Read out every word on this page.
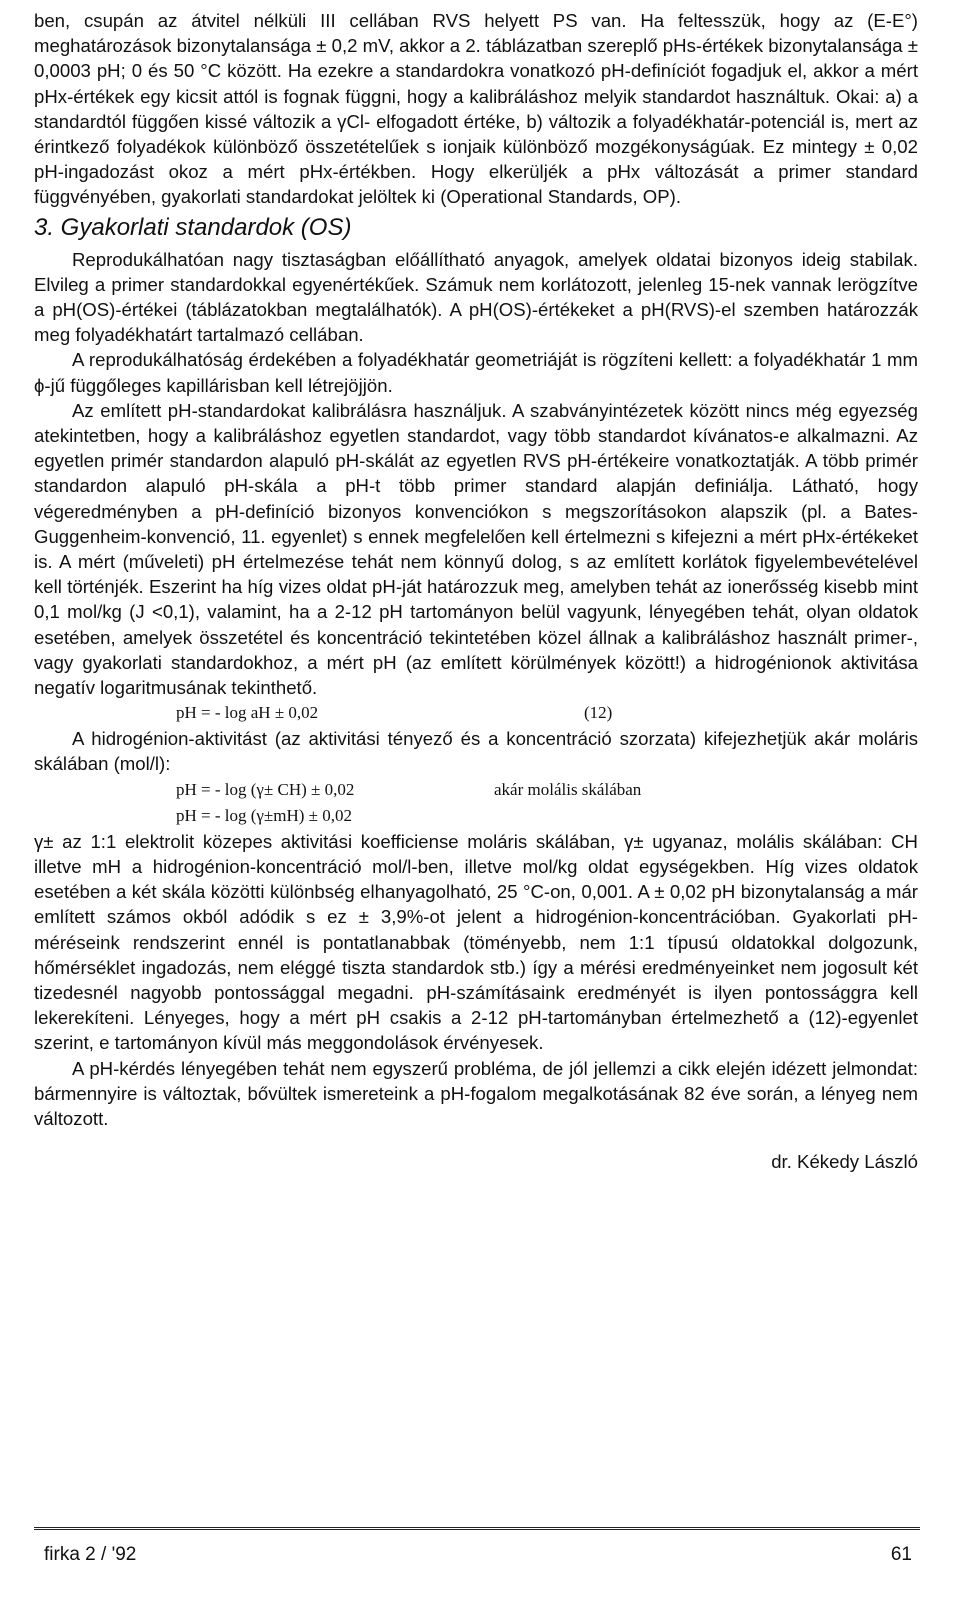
ben, csupán az átvitel nélküli III cellában RVS helyett PS van. Ha feltesszük, hogy az (E-E°) meghatározások bizonytalansága ± 0,2 mV, akkor a 2. táblázatban szereplő pHs-értékek bizonytalansága ± 0,0003 pH; 0 és 50 °C között. Ha ezekre a standardokra vonatkozó pH-definíciót fogadjuk el, akkor a mért pHx-értékek egy kicsit attól is fognak függni, hogy a kalibráláshoz melyik standardot használtuk. Okai: a) a standardtól függően kissé változik a γCl- elfogadott értéke, b) változik a folyadékhatár-potenciál is, mert az érintkező folyadékok különböző összetételűek s ionjaik különböző mozgékonyságúak. Ez mintegy ± 0,02 pH-ingadozást okoz a mért pHx-értékben. Hogy elkerüljék a pHx változását a primer standard függvényében, gyakorlati standardokat jelöltek ki (Operational Standards, OP).

3. Gyakorlati standardok (OS)

Reprodukálhatóan nagy tisztaságban előállítható anyagok, amelyek oldatai bizonyos ideig stabilak. Elvileg a primer standardokkal egyenértékűek. Számuk nem korlátozott, jelenleg 15-nek vannak lerögzítve a pH(OS)-értékei (táblázatokban megtalálhatók). A pH(OS)-értékeket a pH(RVS)-el szemben határozzák meg folyadékhatárt tartalmazó cellában.

A reprodukálhatóság érdekében a folyadékhatár geometriáját is rögzíteni kellett: a folyadékhatár 1 mm ϕ-jű függőleges kapillárisban kell létrejöjjön.

Az említett pH-standardokat kalibrálásra használjuk. A szabványintézetek között nincs még egyezség atekintetben, hogy a kalibráláshoz egyetlen standardot, vagy több standardot kívánatos-e alkalmazni. Az egyetlen primér standardon alapuló pH-skálát az egyetlen RVS pH-értékeire vonatkoztatják. A több primér standardon alapuló pH-skála a pH-t több primer standard alapján definiálja. Látható, hogy végeredményben a pH-definíció bizonyos konvenciókon s megszorításokon alapszik (pl. a Bates-Guggenheim-konvenció, 11. egyenlet) s ennek megfelelően kell értelmezni s kifejezni a mért pHx-értékeket is. A mért (műveleti) pH értelmezése tehát nem könnyű dolog, s az említett korlátok figyelembevételével kell történjék. Eszerint ha híg vizes oldat pH-ját határozzuk meg, amelyben tehát az ionerősség kisebb mint 0,1 mol/kg (J <0,1), valamint, ha a 2-12 pH tartományon belül vagyunk, lényegében tehát, olyan oldatok esetében, amelyek összetétel és koncentráció tekintetében közel állnak a kalibráláshoz használt primer-, vagy gyakorlati standardokhoz, a mért pH (az említett körülmények között!) a hidrogénionok aktivitása negatív logaritmusának tekinthető.

pH = - log aH ± 0,02	(12)

A hidrogénion-aktivitást (az aktivitási tényező és a koncentráció szorzata) kifejezhetjük akár moláris skálában (mol/l):

pH = - log (γ± CH) ± 0,02	akár molális skálában
pH = - log (γ±mH) ± 0,02

γ± az 1:1 elektrolit közepes aktivitási koefficiense moláris skálában, γ± ugyanaz, molális skálában: CH illetve mH a hidrogénion-koncentráció mol/l-ben, illetve mol/kg oldat egységekben. Híg vizes oldatok esetében a két skála közötti különbség elhanyagolható, 25 °C-on, 0,001. A ± 0,02 pH bizonytalanság a már említett számos okból adódik s ez ± 3,9%-ot jelent a hidrogénion-koncentrációban. Gyakorlati pH-méréseink rendszerint ennél is pontatlanabbak (töményebb, nem 1:1 típusú oldatokkal dolgozunk, hőmérséklet ingadozás, nem eléggé tiszta standardok stb.) így a mérési eredményeinket nem jogosult két tizedesnél nagyobb pontossággal megadni. pH-számításaink eredményét is ilyen pontossággra kell lekerekíteni. Lényeges, hogy a mért pH csakis a 2-12 pH-tartományban értelmezhető a (12)-egyenlet szerint, e tartományon kívül más meggondolások érvényesek.

A pH-kérdés lényegében tehát nem egyszerű probléma, de jól jellemzi a cikk elején idézett jelmondat: bármennyire is változtak, bővültek ismereteink a pH-fogalom megalkotásának 82 éve során, a lényeg nem változott.

dr. Kékedy László
firka 2 / '92	61
